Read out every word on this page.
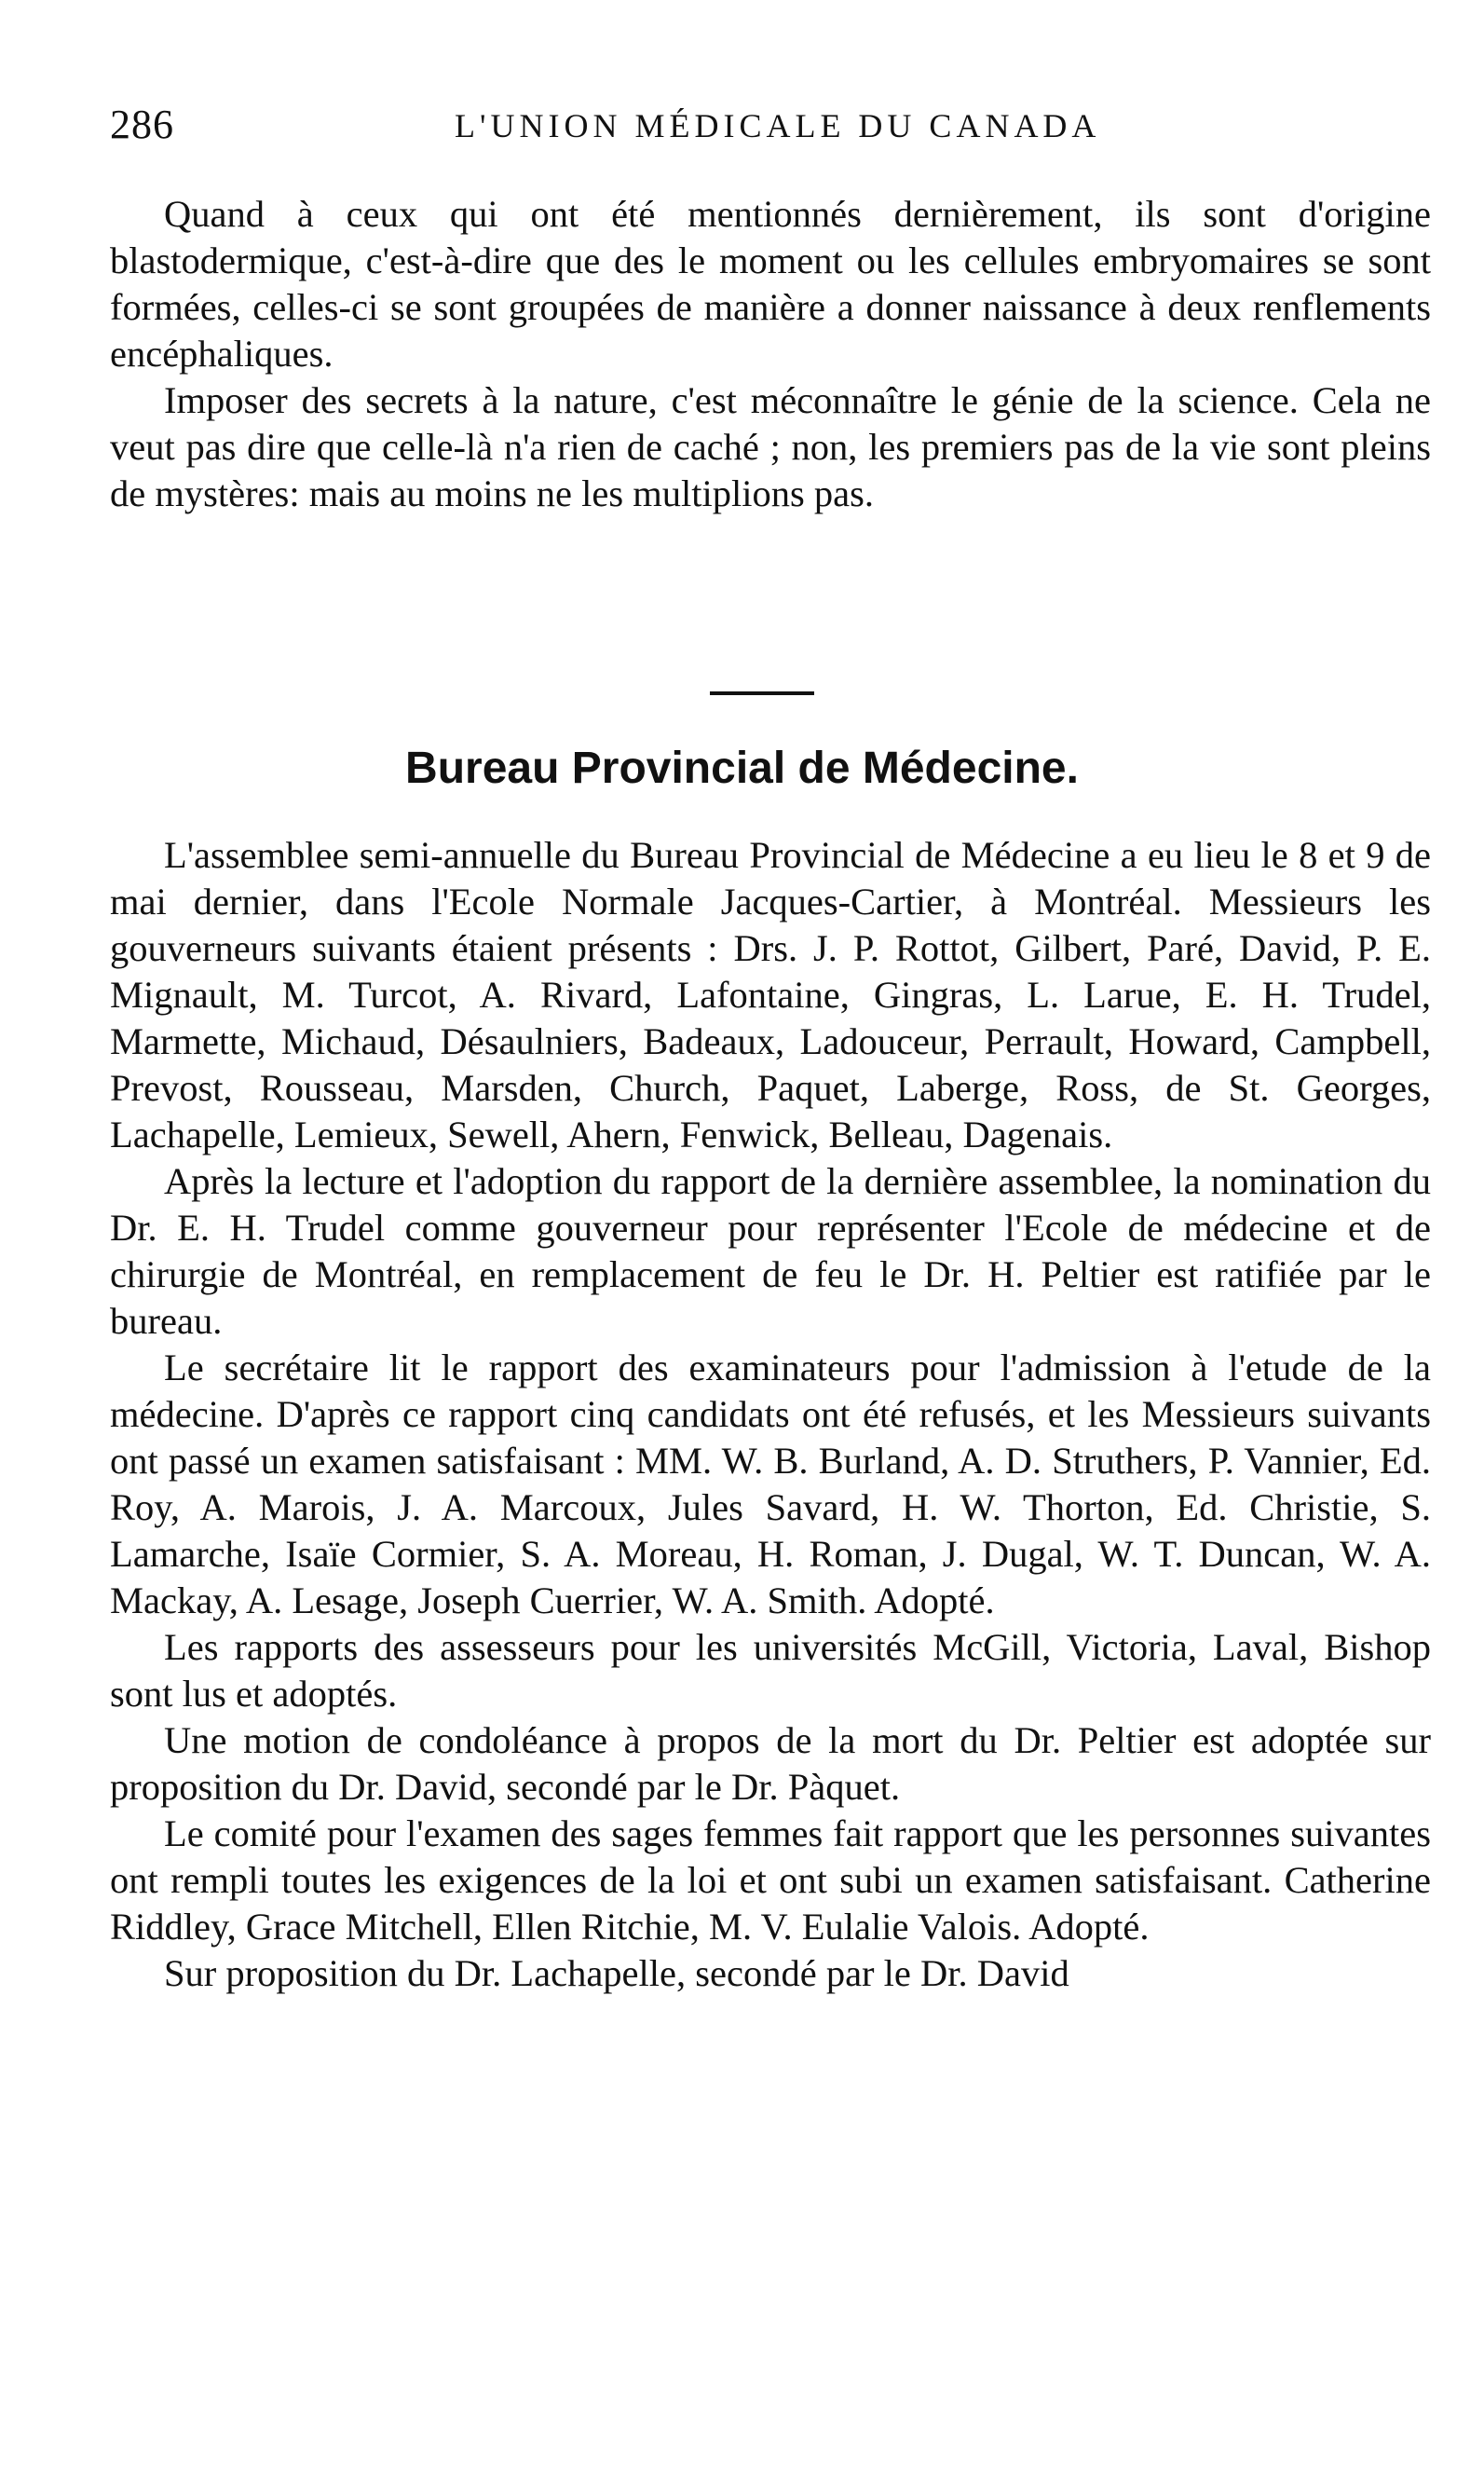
286	L'UNION MÉDICALE DU CANADA

Quand à ceux qui ont été mentionnés dernièrement, ils sont d'origine blastodermique, c'est-à-dire que des le moment ou les cellules embryomaires se sont formées, celles-ci se sont groupées de manière a donner naissance à deux renflements encéphaliques.

Imposer des secrets à la nature, c'est méconnaître le génie de la science. Cela ne veut pas dire que celle-là n'a rien de caché ; non, les premiers pas de la vie sont pleins de mystères: mais au moins ne les multiplions pas.

Bureau Provincial de Médecine.

L'assemblee semi-annuelle du Bureau Provincial de Médecine a eu lieu le 8 et 9 de mai dernier, dans l'Ecole Normale Jacques-Cartier, à Montréal. Messieurs les gouverneurs suivants étaient présents : Drs. J. P. Rottot, Gilbert, Paré, David, P. E. Mignault, M. Turcot, A. Rivard, Lafontaine, Gingras, L. Larue, E. H. Trudel, Marmette, Michaud, Désaulniers, Badeaux, Ladouceur, Perrault, Howard, Campbell, Prevost, Rousseau, Marsden, Church, Paquet, Laberge, Ross, de St. Georges, Lachapelle, Lemieux, Sewell, Ahern, Fenwick, Belleau, Dagenais.

Après la lecture et l'adoption du rapport de la dernière assemblee, la nomination du Dr. E. H. Trudel comme gouverneur pour représenter l'Ecole de médecine et de chirurgie de Montréal, en remplacement de feu le Dr. H. Peltier est ratifiée par le bureau.

Le secrétaire lit le rapport des examinateurs pour l'admission à l'etude de la médecine. D'après ce rapport cinq candidats ont été refusés, et les Messieurs suivants ont passé un examen satisfaisant : MM. W. B. Burland, A. D. Struthers, P. Vannier, Ed. Roy, A. Marois, J. A. Marcoux, Jules Savard, H. W. Thorton, Ed. Christie, S. Lamarche, Isaïe Cormier, S. A. Moreau, H. Roman, J. Dugal, W. T. Duncan, W. A. Mackay, A. Lesage, Joseph Cuerrier, W. A. Smith. Adopté.

Les rapports des assesseurs pour les universités McGill, Victoria, Laval, Bishop sont lus et adoptés.

Une motion de condoléance à propos de la mort du Dr. Peltier est adoptée sur proposition du Dr. David, secondé par le Dr. Pàquet.

Le comité pour l'examen des sages femmes fait rapport que les personnes suivantes ont rempli toutes les exigences de la loi et ont subi un examen satisfaisant. Catherine Riddley, Grace Mitchell, Ellen Ritchie, M. V. Eulalie Valois. Adopté.

Sur proposition du Dr. Lachapelle, secondé par le Dr. David
